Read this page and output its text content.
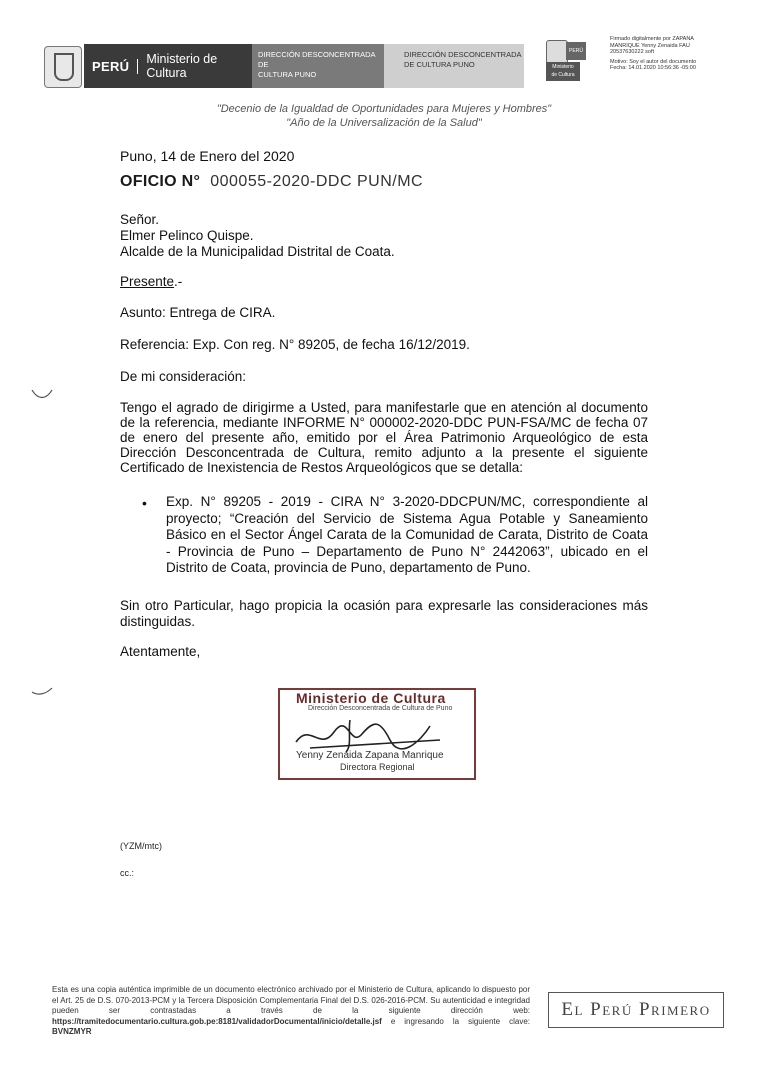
PERÚ	Ministerio de Cultura
DIRECCIÓN DESCONCENTRADA DE
CULTURA PUNO
DIRECCIÓN DESCONCENTRADA
DE CULTURA PUNO
PERÚ
Ministerio
de Cultura
Firmado digitalmente por ZAPANA
MANRIQUE Yenny Zenaida FAU
20537630222 soft
Motivo: Soy el autor del documento
Fecha: 14.01.2020 10:56:36 -05:00
"Decenio de la Igualdad de Oportunidades para Mujeres y Hombres"
"Año de la Universalización de la Salud"
Puno, 14 de Enero del 2020
OFICIO N° 000055-2020-DDC PUN/MC
Señor.
Elmer Pelinco Quispe.
Alcalde de la Municipalidad Distrital de Coata.
Presente.-
Asunto: Entrega de CIRA.
Referencia: Exp. Con reg. N° 89205, de fecha 16/12/2019.
De mi consideración:
Tengo el agrado de dirigirme a Usted, para manifestarle que en atención al documento de la referencia, mediante INFORME N° 000002-2020-DDC PUN-FSA/MC de fecha 07 de enero del presente año, emitido por el Área Patrimonio Arqueológico de esta Dirección Desconcentrada de Cultura, remito adjunto a la presente el siguiente Certificado de Inexistencia de Restos Arqueológicos que se detalla:
• Exp. N° 89205 - 2019 - CIRA N° 3-2020-DDCPUN/MC, correspondiente al proyecto; “Creación del Servicio de Sistema Agua Potable y Saneamiento Básico en el Sector Ángel Carata de la Comunidad de Carata, Distrito de Coata - Provincia de Puno – Departamento de Puno N° 2442063”, ubicado en el Distrito de Coata, provincia de Puno, departamento de Puno.
Sin otro Particular, hago propicia la ocasión para expresarle las consideraciones más distinguidas.
Atentamente,
Ministerio de Cultura
Dirección Desconcentrada de Cultura de Puno
Yenny Zenaida Zapana Manrique
Directora Regional
(YZM/mtc)
cc.:
Esta es una copia auténtica imprimible de un documento electrónico archivado por el Ministerio de Cultura, aplicando lo dispuesto por el Art. 25 de D.S. 070-2013-PCM y la Tercera Disposición Complementaria Final del D.S. 026-2016-PCM. Su autenticidad e integridad pueden ser contrastadas a través de la siguiente dirección web: https://tramitedocumentario.cultura.gob.pe:8181/validadorDocumental/inicio/detalle.jsf e ingresando la siguiente clave: BVNZMYR
El Perú Primero
